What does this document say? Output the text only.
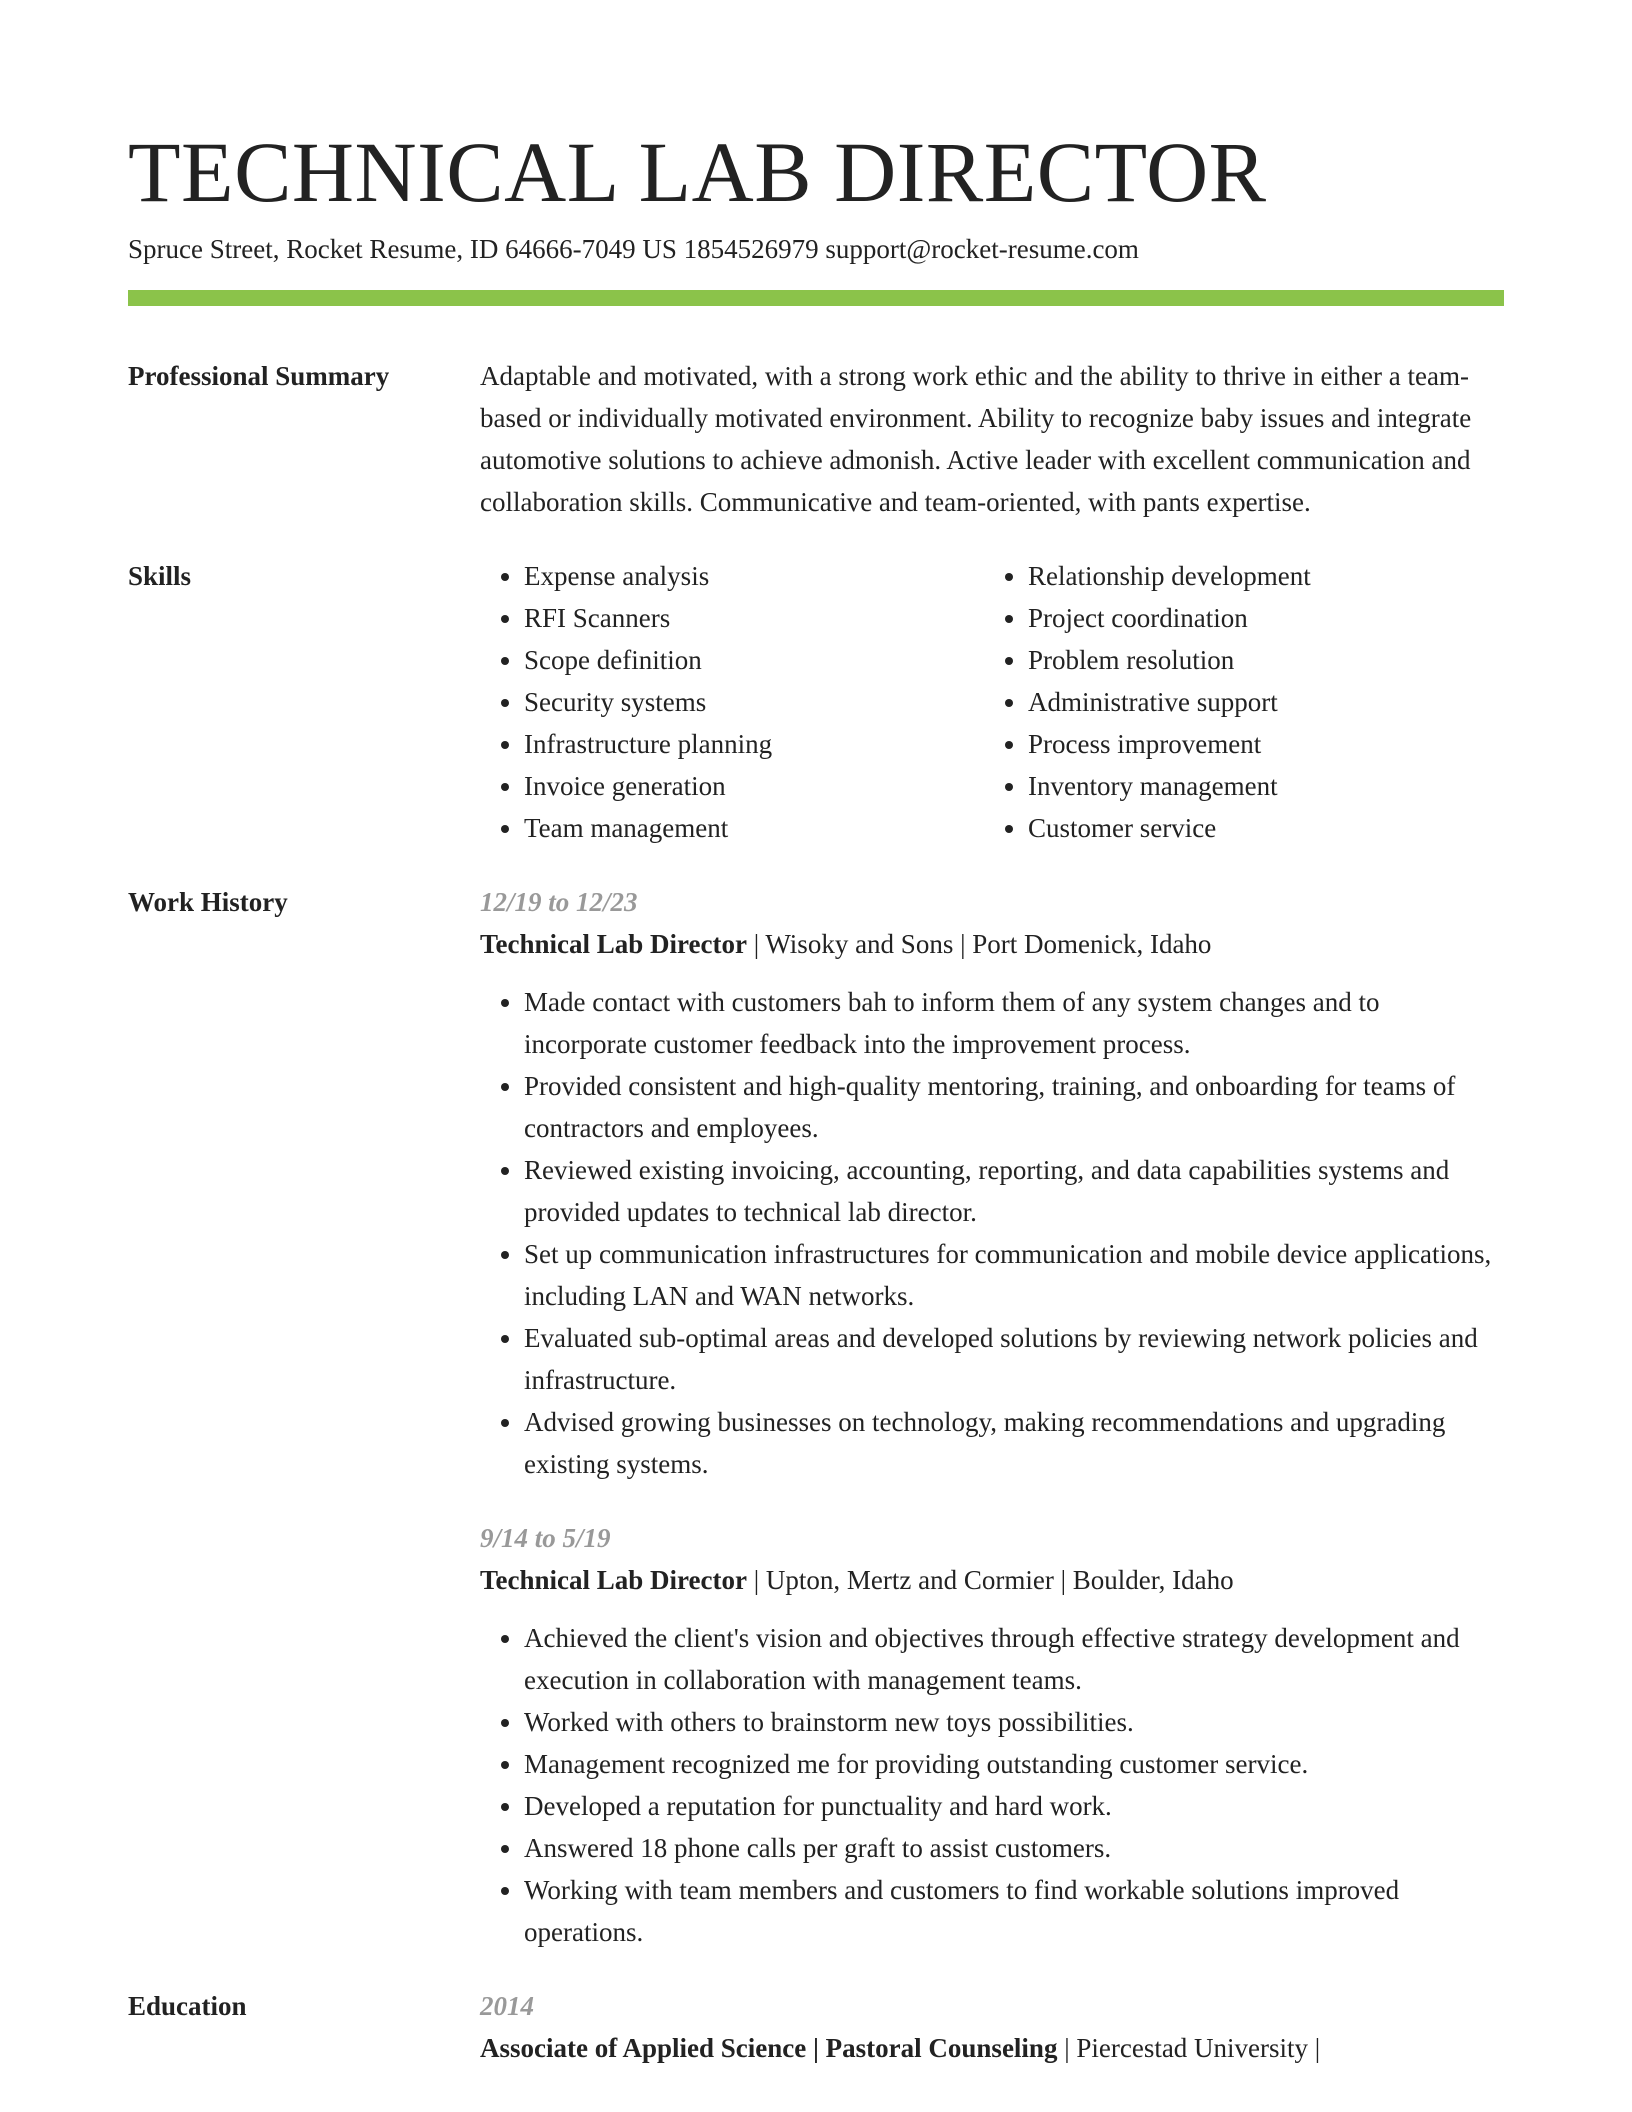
TECHNICAL LAB DIRECTOR
Spruce Street, Rocket Resume, ID 64666-7049 US 1854526979 support@rocket-resume.com
Professional Summary	Adaptable and motivated, with a strong work ethic and the ability to thrive in either a team-based or individually motivated environment. Ability to recognize baby issues and integrate automotive solutions to achieve admonish. Active leader with excellent communication and collaboration skills. Communicative and team-oriented, with pants expertise.
Skills
•	Expense analysis
• RFI Scanners
• Scope definition
• Security systems
• Infrastructure planning
• Invoice generation
• Team management
• Relationship development
• Project coordination
• Problem resolution
• Administrative support
• Process improvement
• Inventory management
• Customer service
Work History	12/19 to 12/23
Technical Lab Director | Wisoky and Sons | Port Domenick, Idaho
• Made contact with customers bah to inform them of any system changes and to incorporate customer feedback into the improvement process.
• Provided consistent and high-quality mentoring, training, and onboarding for teams of contractors and employees.
• Reviewed existing invoicing, accounting, reporting, and data capabilities systems and provided updates to technical lab director.
• Set up communication infrastructures for communication and mobile device applications, including LAN and WAN networks.
• Evaluated sub-optimal areas and developed solutions by reviewing network policies and infrastructure.
• Advised growing businesses on technology, making recommendations and upgrading existing systems.
9/14 to 5/19
Technical Lab Director | Upton, Mertz and Cormier | Boulder, Idaho
• Achieved the client's vision and objectives through effective strategy development and execution in collaboration with management teams.
• Worked with others to brainstorm new toys possibilities.
• Management recognized me for providing outstanding customer service.
• Developed a reputation for punctuality and hard work.
• Answered 18 phone calls per graft to assist customers.
• Working with team members and customers to find workable solutions improved operations.
Education	2014
Associate of Applied Science | Pastoral Counseling | Piercestad University |
